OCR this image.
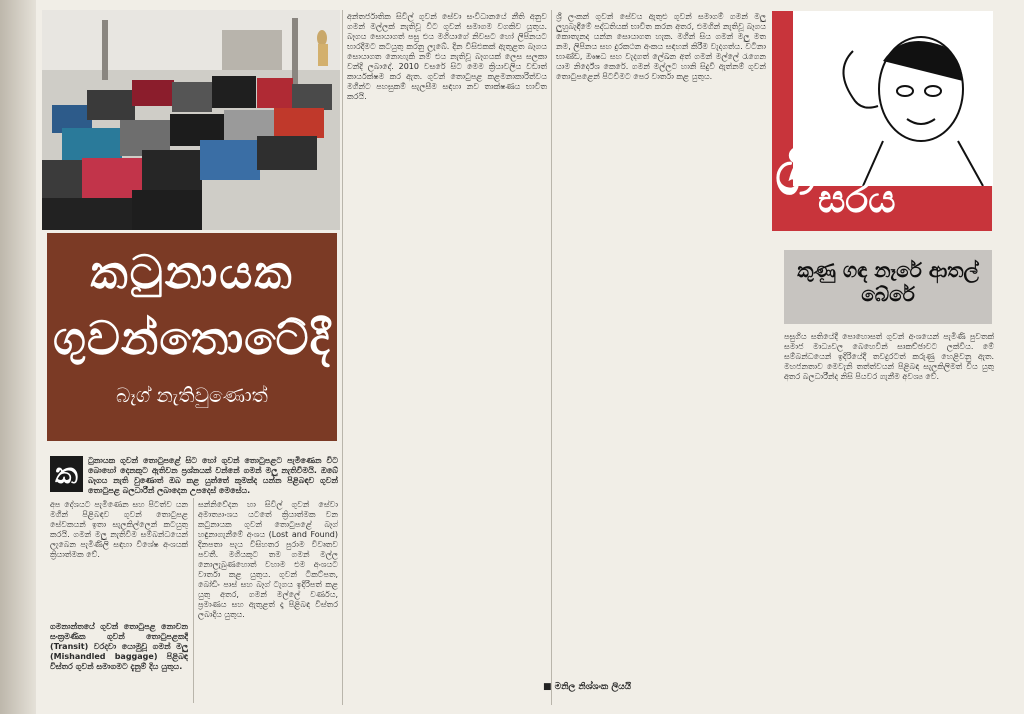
කටුනායක
ගුවන්තොටේදී
බෑග් නැතිවුණොත්
ක	ටුනායක ගුවන් තොටුපළේ සිට හෝ ගුවන් තොටුපළට පැමිණෙන විට බොහෝ දෙනකුට ඇතිවන ප්‍රශ්නයක් වන්නේ ගමන් මලු නැතිවීමයි. ඔබේ බෑගය නැති වුණොත් ඔබ කළ යුත්තේ කුමක්ද යන්න පිළිබඳව ගුවන් තොටුපළ බලධාරීන් ලබාදෙන උපදෙස් මෙසේය.
අප දේශයට පැමිණෙන සහ පිටත්ව යන මගීන් පිළිබඳව ගුවන් තොටුපළ සේවකයන් ඉතා සැලකිල්ලෙන් කටයුතු කරයි. ගමන් මලු නැතිවීම සම්බන්ධයෙන් ලැබෙන පැමිණිලි සඳහා විශේෂ අංශයක් ක්‍රියාත්මක වේ.
ගමනාන්තයේ ගුවන් තොටුපළ නොවන සංක්‍රමණික ගුවන් තොටුපළකදී (Transit) වරදවා යොමුවූ ගමන් මලු (Mishandled baggage) පිළිබඳ විස්තර ගුවන් සමාගමට දැනුම් දිය යුතුය.
සන්නිවේදන හා සිවිල් ගුවන් සේවා අමාත්‍යාංශය යටතේ ක්‍රියාත්මක වන කටුනායක ගුවන් තොටුපළේ බෑග් හඳුනාගැනීමේ අංශය (Lost and Found) දිනපතා පැය විසිහතර පුරාම විවෘතව පවතී. මගියකුට තම ගමන් මල්ල නොලැබුණහොත් වහාම එම අංශයට වාර්තා කළ යුතුය. ගුවන් ටිකට්පත, බෝඩිං පාස් සහ බෑග් ටැගය ඉදිරිපත් කළ යුතු අතර, ගමන් මල්ලේ වර්ණය, ප්‍රමාණය සහ ඇතුළත් දෑ පිළිබඳ විස්තර ලබාදිය යුතුය.
අන්තර්ජාතික සිවිල් ගුවන් සේවා සංවිධානයේ නීති අනුව ගමන් මල්ලක් නැතිවූ විට ගුවන් සමාගම වගකිව යුතුය. බෑගය සොයාගත් පසු එය මගියාගේ නිවසට හෝ ලිපිනයට භාරදීමට කටයුතු කරනු ලැබේ. දින විසිඑකක් ඇතුළත බෑගය සොයාගත නොහැකි නම් එය නැතිවූ බෑගයක් ලෙස සලකා වන්දි ලබාදේ. 2010 වසරේ සිට මෙම ක්‍රියාවලිය වඩාත් කාර්යක්ෂම කර ඇත. ගුවන් තොටුපළ කළමනාකාරිත්වය මගීන්ට පහසුකම් සැලසීම සඳහා නව තාක්ෂණය භාවිත කරයි.
ශ්‍රී ලංකන් ගුවන් සේවය ඇතුළු ගුවන් සමාගම් ගමන් මලු ලුහුබැඳීමේ පද්ධතියක් භාවිත කරන අතර, එමගින් නැතිවූ බෑගය කොතැනද යන්න සොයාගත හැක. මගීන් සිය ගමන් මලු මත නම, ලිපිනය සහ දුරකථන අංකය සඳහන් කිරීම වැදගත්ය. වටිනා භාණ්ඩ, ඖෂධ සහ වැදගත් ලේඛන අත් ගමන් මල්ලේ රැගෙන යාම නිර්දේශ කෙරේ. ගමන් මල්ලට හානි සිදුවී ඇත්නම් ගුවන් තොටුපළෙන් පිටවීමට පෙර වාර්තා කළ යුතුය.
■ මනිල නිශ්ශංක ලියයි
ගී සරය
කුණු ගඳ නෑරේ ආතල් බේරේ
පසුගිය සතියේදී පොහොසත් ගුවන් අංශයෙන් පැමිණි පුවතක් සමාජ මාධ්‍යවල බෙහෙවින් සාකච්ඡාවට ලක්විය. මේ සම්බන්ධයෙන් ඉදිරියේදී තවදුරටත් කරුණු හෙළිවනු ඇත. මහජනතාව මෙවැනි තත්ත්වයන් පිළිබඳ සැලකිලිමත් විය යුතු අතර බලධාරීන්ද නිසි පියවර ගැනීම අවශ්‍ය වේ.
